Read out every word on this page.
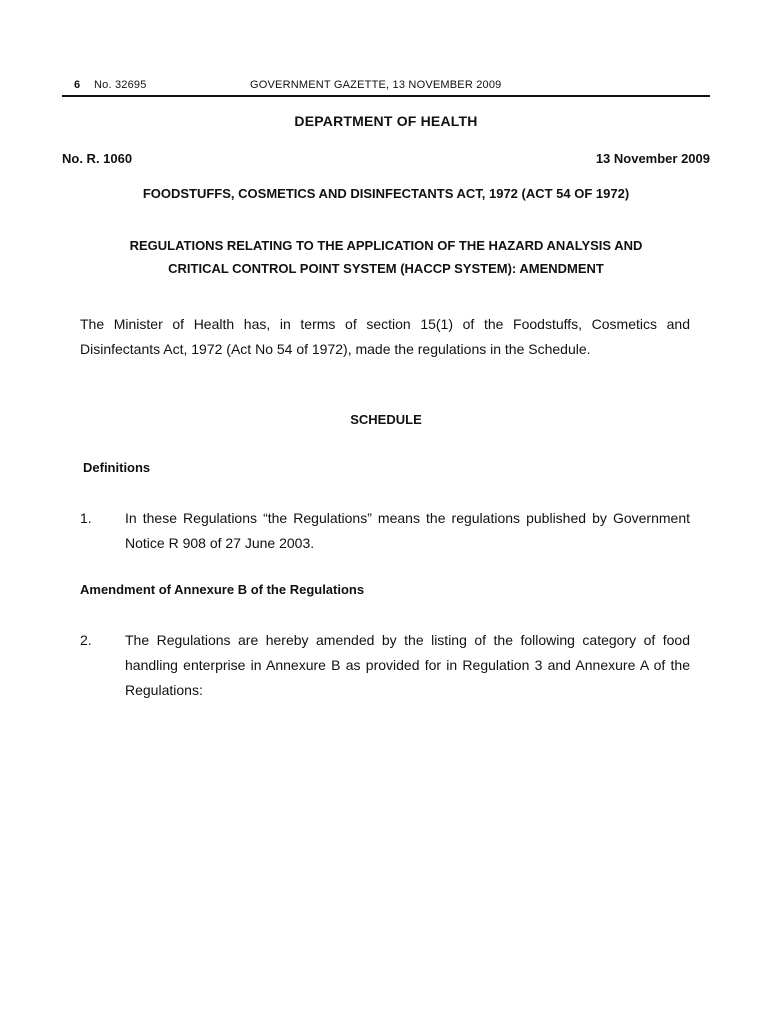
6 No. 32695	GOVERNMENT GAZETTE, 13 NOVEMBER 2009
DEPARTMENT OF HEALTH
No. R. 1060	13 November 2009
FOODSTUFFS, COSMETICS AND DISINFECTANTS ACT, 1972 (ACT 54 OF 1972)
REGULATIONS RELATING TO THE APPLICATION OF THE HAZARD ANALYSIS AND
CRITICAL CONTROL POINT SYSTEM (HACCP SYSTEM): AMENDMENT
The Minister of Health has, in terms of section 15(1) of the Foodstuffs, Cosmetics and Disinfectants Act, 1972 (Act No 54 of 1972), made the regulations in the Schedule.
SCHEDULE
Definitions
1. In these Regulations “the Regulations” means the regulations published by Government Notice R 908 of 27 June 2003.
Amendment of Annexure B of the Regulations
2. The Regulations are hereby amended by the listing of the following category of food handling enterprise in Annexure B as provided for in Regulation 3 and Annexure A of the Regulations:
